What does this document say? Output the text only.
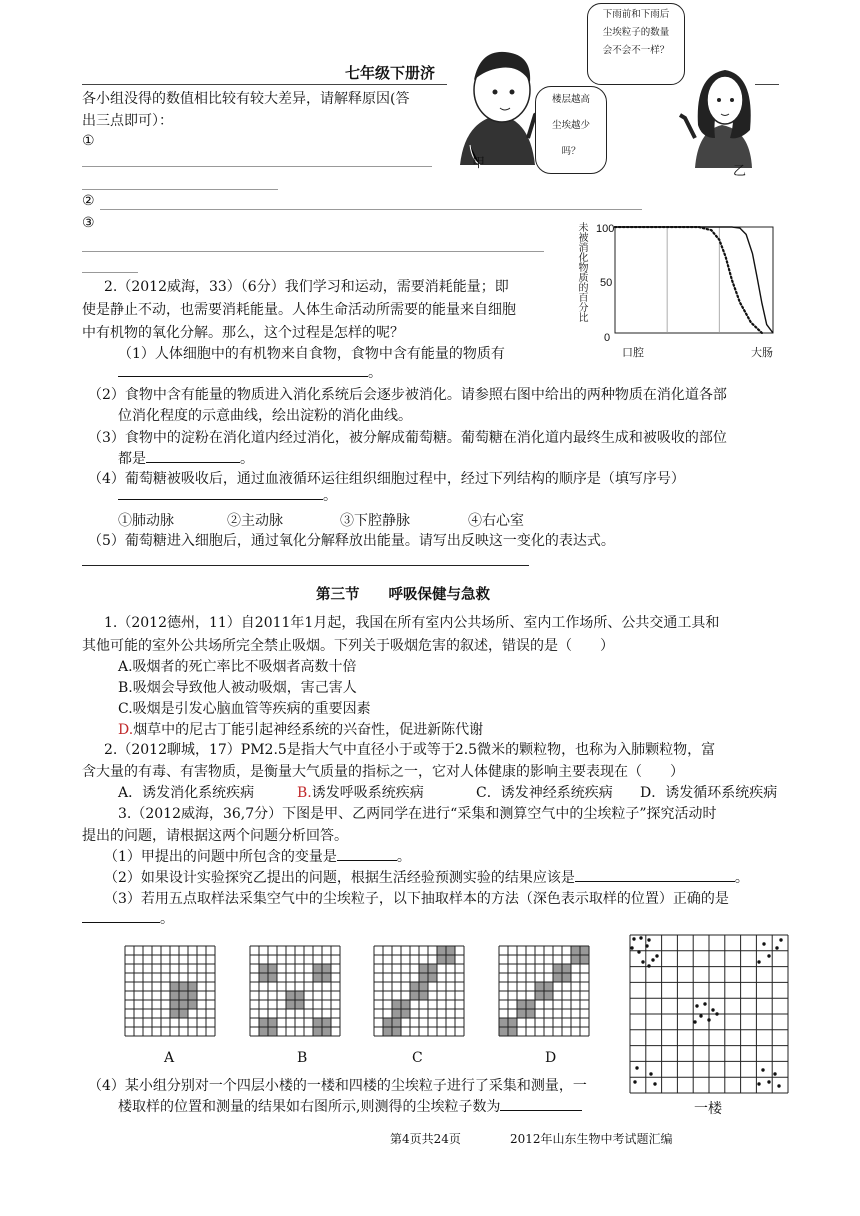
七年级下册济
下雨前和下雨后
尘埃粒子的数量
会不会不一样？
楼层越高
尘埃越少
吗？
甲
乙
各小组没得的数值相比较有较大差异，请解释原因(答
出三点即可）：
①
②
③
2.（2012威海，33）（6分）我们学习和运动，需要消耗能量；即
使是静止不动，也需要消耗能量。人体生命活动所需要的能量来自细胞
中有机物的氧化分解。那么，这个过程是怎样的呢？
（1）人体细胞中的有机物来自食物，食物中含有能量的物质有
。
（2）食物中含有能量的物质进入消化系统后会逐步被消化。请参照右图中给出的两种物质在消化道各部
位消化程度的示意曲线，绘出淀粉的消化曲线。
（3）食物中的淀粉在消化道内经过消化，被分解成葡萄糖。葡萄糖在消化道内最终生成和被吸收的部位
都是	。
（4）葡萄糖被吸收后，通过血液循环运往组织细胞过程中，经过下列结构的顺序是（填写序号）
。
①肺动脉	②主动脉	③下腔静脉	④右心室
（5）葡萄糖进入细胞后，通过氧化分解释放出能量。请写出反映这一变化的表达式。
未被消化物质的百分比 100
50
0
口腔	大肠
第三节　　呼吸保健与急救
1.（2012德州，11）自2011年1月起，我国在所有室内公共场所、室内工作场所、公共交通工具和
其他可能的室外公共场所完全禁止吸烟。下列关于吸烟危害的叙述，错误的是（　　）
A.吸烟者的死亡率比不吸烟者高数十倍
B.吸烟会导致他人被动吸烟，害己害人
C.吸烟是引发心脑血管等疾病的重要因素
D.烟草中的尼古丁能引起神经系统的兴奋性，促进新陈代谢
2.（2012聊城，17）PM2.5是指大气中直径小于或等于2.5微米的颗粒物，也称为入肺颗粒物，富
含大量的有毒、有害物质，是衡量大气质量的指标之一，它对人体健康的影响主要表现在（　　）
A．诱发消化系统疾病	B.诱发呼吸系统疾病	C．诱发神经系统疾病 D．诱发循环系统疾病
3.（2012威海，36,7分）下图是甲、乙两同学在进行“采集和测算空气中的尘埃粒子”探究活动时
提出的问题，请根据这两个问题分析回答。
（1）甲提出的问题中所包含的变量是	。
（2）如果设计实验探究乙提出的问题，根据生活经验预测实验的结果应该是	。
（3）若用五点取样法采集空气中的尘埃粒子，以下抽取样本的方法（深色表示取样的位置）正确的是
。
A	B	C	D
一楼
（4）某小组分别对一个四层小楼的一楼和四楼的尘埃粒子进行了采集和测量，一
楼取样的位置和测量的结果如右图所示,则测得的尘埃粒子数为
第4页共24页	2012年山东生物中考试题汇编
